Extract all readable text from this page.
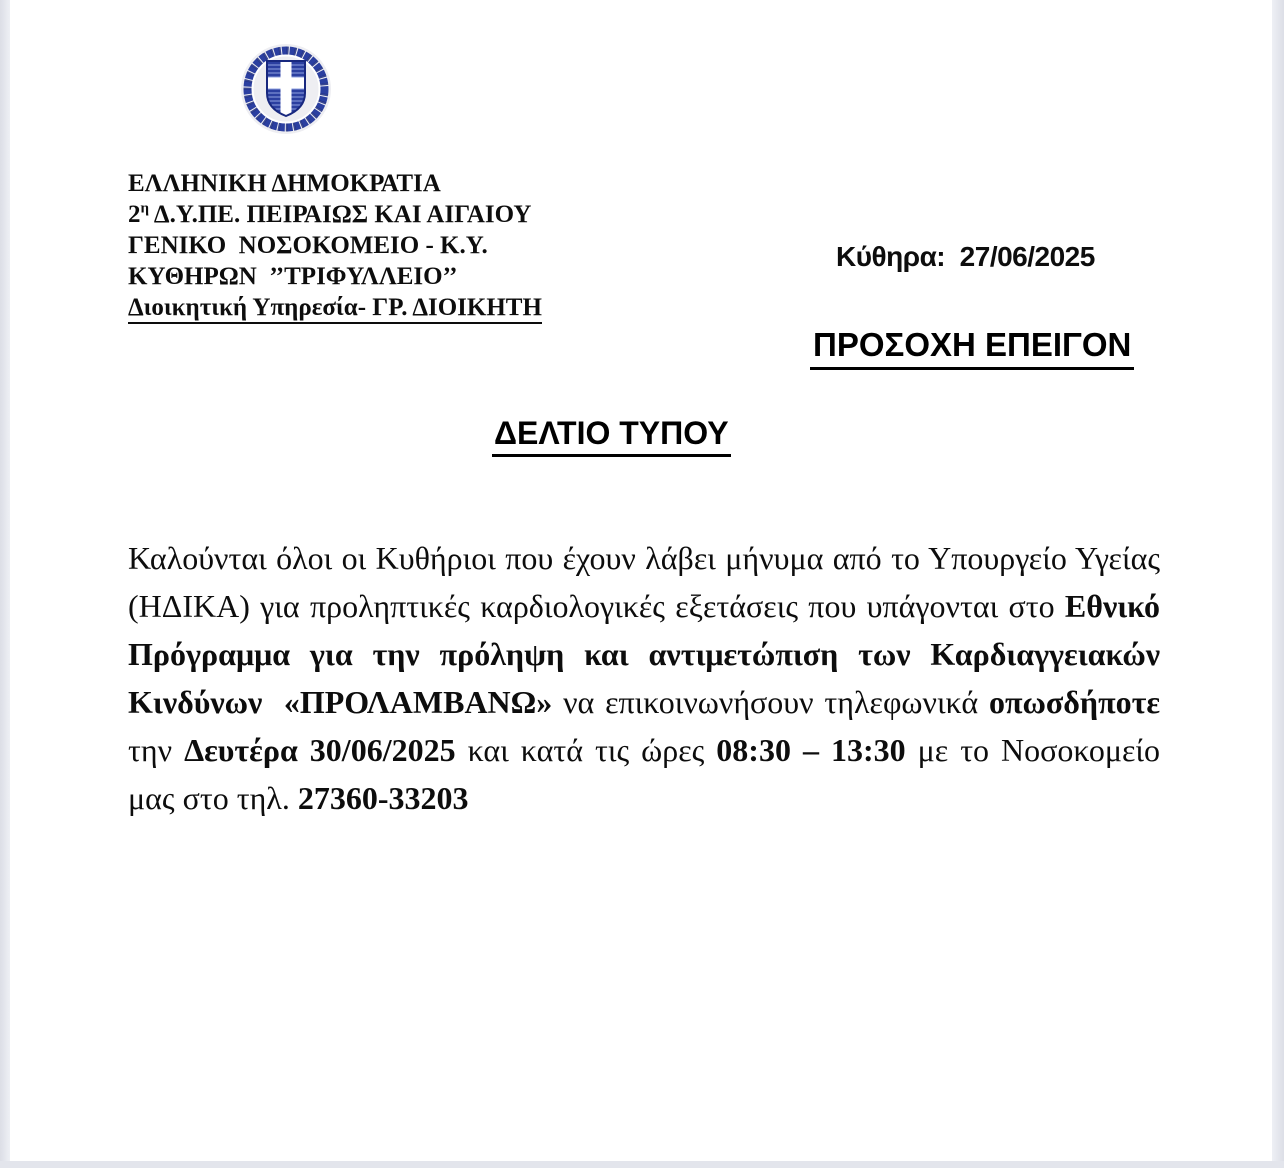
ΕΛΛΗΝΙΚΗ ΔΗΜΟΚΡΑΤΙΑ
$2^\eta$ Δ.Υ.ΠΕ. ΠΕΙΡΑΙΩΣ ΚΑΙ ΑΙΓΑΙΟΥ
ΓΕΝΙΚΟ  ΝΟΣΟΚΟΜΕΙΟ - Κ.Υ.
ΚΥΘΗΡΩΝ  ’’ΤΡΙΦΥΛΛΕΙΟ’’
Διοικητική Υπηρεσία- ΓΡ. ΔΙΟΙΚΗΤΗ
Κύθηρα:  27/06/2025
ΠΡΟΣΟΧΗ ΕΠΕΙΓΟΝ
ΔΕΛΤΙΟ ΤΥΠΟΥ

Καλούνται όλοι οι Κυθήριοι που έχουν λάβει μήνυμα από το Υπουργείο Υγείας (ΗΔΙΚΑ) για προληπτικές καρδιολογικές εξετάσεις που υπάγονται στο Εθνικό Πρόγραμμα για την πρόληψη και αντιμετώπιση των Καρδιαγγειακών Κινδύνων  «ΠΡΟΛΑΜΒΑΝΩ» να επικοινωνήσουν τηλεφωνικά οπωσδήποτε την Δευτέρα 30/06/2025 και κατά τις ώρες 08:30 – 13:30 με το Νοσοκομείο μας στο τηλ. 27360-33203
